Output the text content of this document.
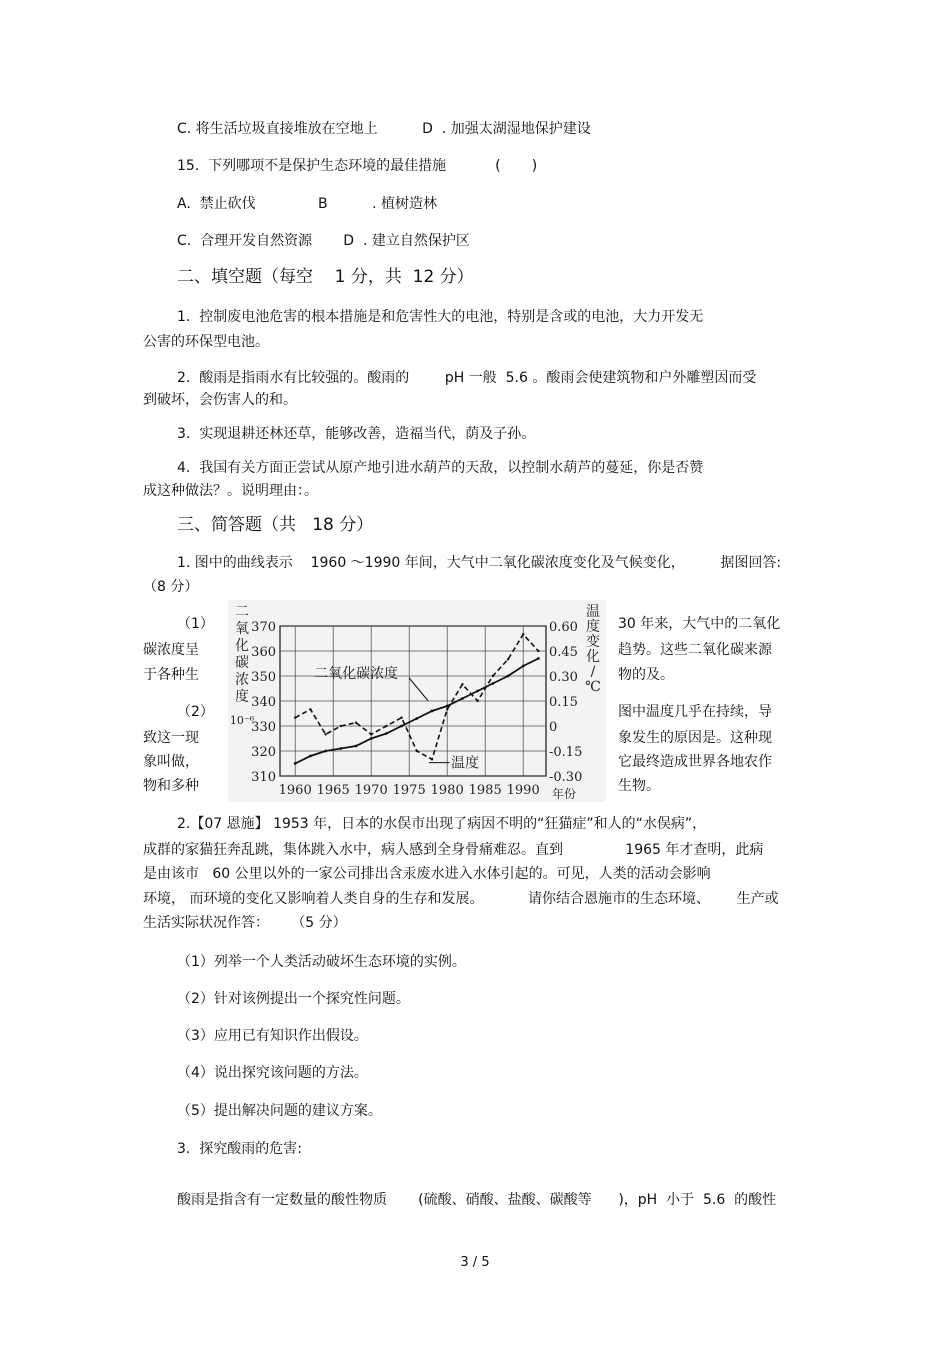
C. 将生活垃圾直接堆放在空地上          D  . 加强太湖湿地保护建设
15.  下列哪项不是保护生态环境的最佳措施           (       )
A.  禁止砍伐              B          . 植树造林
C.  合理开发自然资源       D  . 建立自然保护区
二、填空题（每空    1 分，共  12 分）
1.  控制废电池危害的根本措施是和危害性大的电池，特别是含或的电池，大力开发无
公害的环保型电池。
2.  酸雨是指雨水有比较强的。酸雨的        pH 一般  5.6 。酸雨会使建筑物和户外雕塑因而受
到破坏，会伤害人的和。
3.  实现退耕还林还草，能够改善，造福当代，荫及子孙。
4.  我国有关方面正尝试从原产地引进水葫芦的天敌，以控制水葫芦的蔓延，你是否赞
成这种做法？。说明理由：。
三、简答题（共   18 分）
1. 图中的曲线表示    1960 ～1990 年间，大气中二氧化碳浓度变化及气候变化，        据图回答:
（8 分）
（1）	30 年来，大气中的二氧化
碳浓度呈	趋势。这些二氧化碳来源
于各种生	物的及。
（2）	图中温度几乎在持续，导
致这一现	象发生的原因是。这种现
象叫做，	它最终造成世界各地农作
物和多种	生物。
2.【07 恩施】 1953 年，日本的水俣市出现了病因不明的“狂猫症”和人的“水俣病”，
成群的家猫狂奔乱跳，集体跳入水中，病人感到全身骨痛难忍。直到              1965 年才查明，此病
是由该市   60 公里以外的一家公司排出含汞废水进入水体引起的。可见，人类的活动会影响
环境， 而环境的变化又影响着人类自身的生存和发展。          请你结合恩施市的生态环境、      生产或
生活实际状况作答：     （5 分）
（1）列举一个人类活动破坏生态环境的实例。
（2）针对该例提出一个探究性问题。
（3）应用已有知识作出假设。
（4）说出探究该问题的方法。
（5）提出解决问题的建议方案。
3.  探究酸雨的危害:
酸雨是指含有一定数量的酸性物质       (硫酸、硝酸、盐酸、碳酸等      )，pH  小于  5.6  的酸性
3 / 5
370
360
350
340
330
320
310
0.60
0.45
0.30
0.15
0
-0.15
-0.30
1960 1965 1970 1975 1980 1985 1990
二
氧
化
碳
浓
度
10⁻⁶
温
度
变
化
/
℃
年份
二氧化碳浓度
温度
